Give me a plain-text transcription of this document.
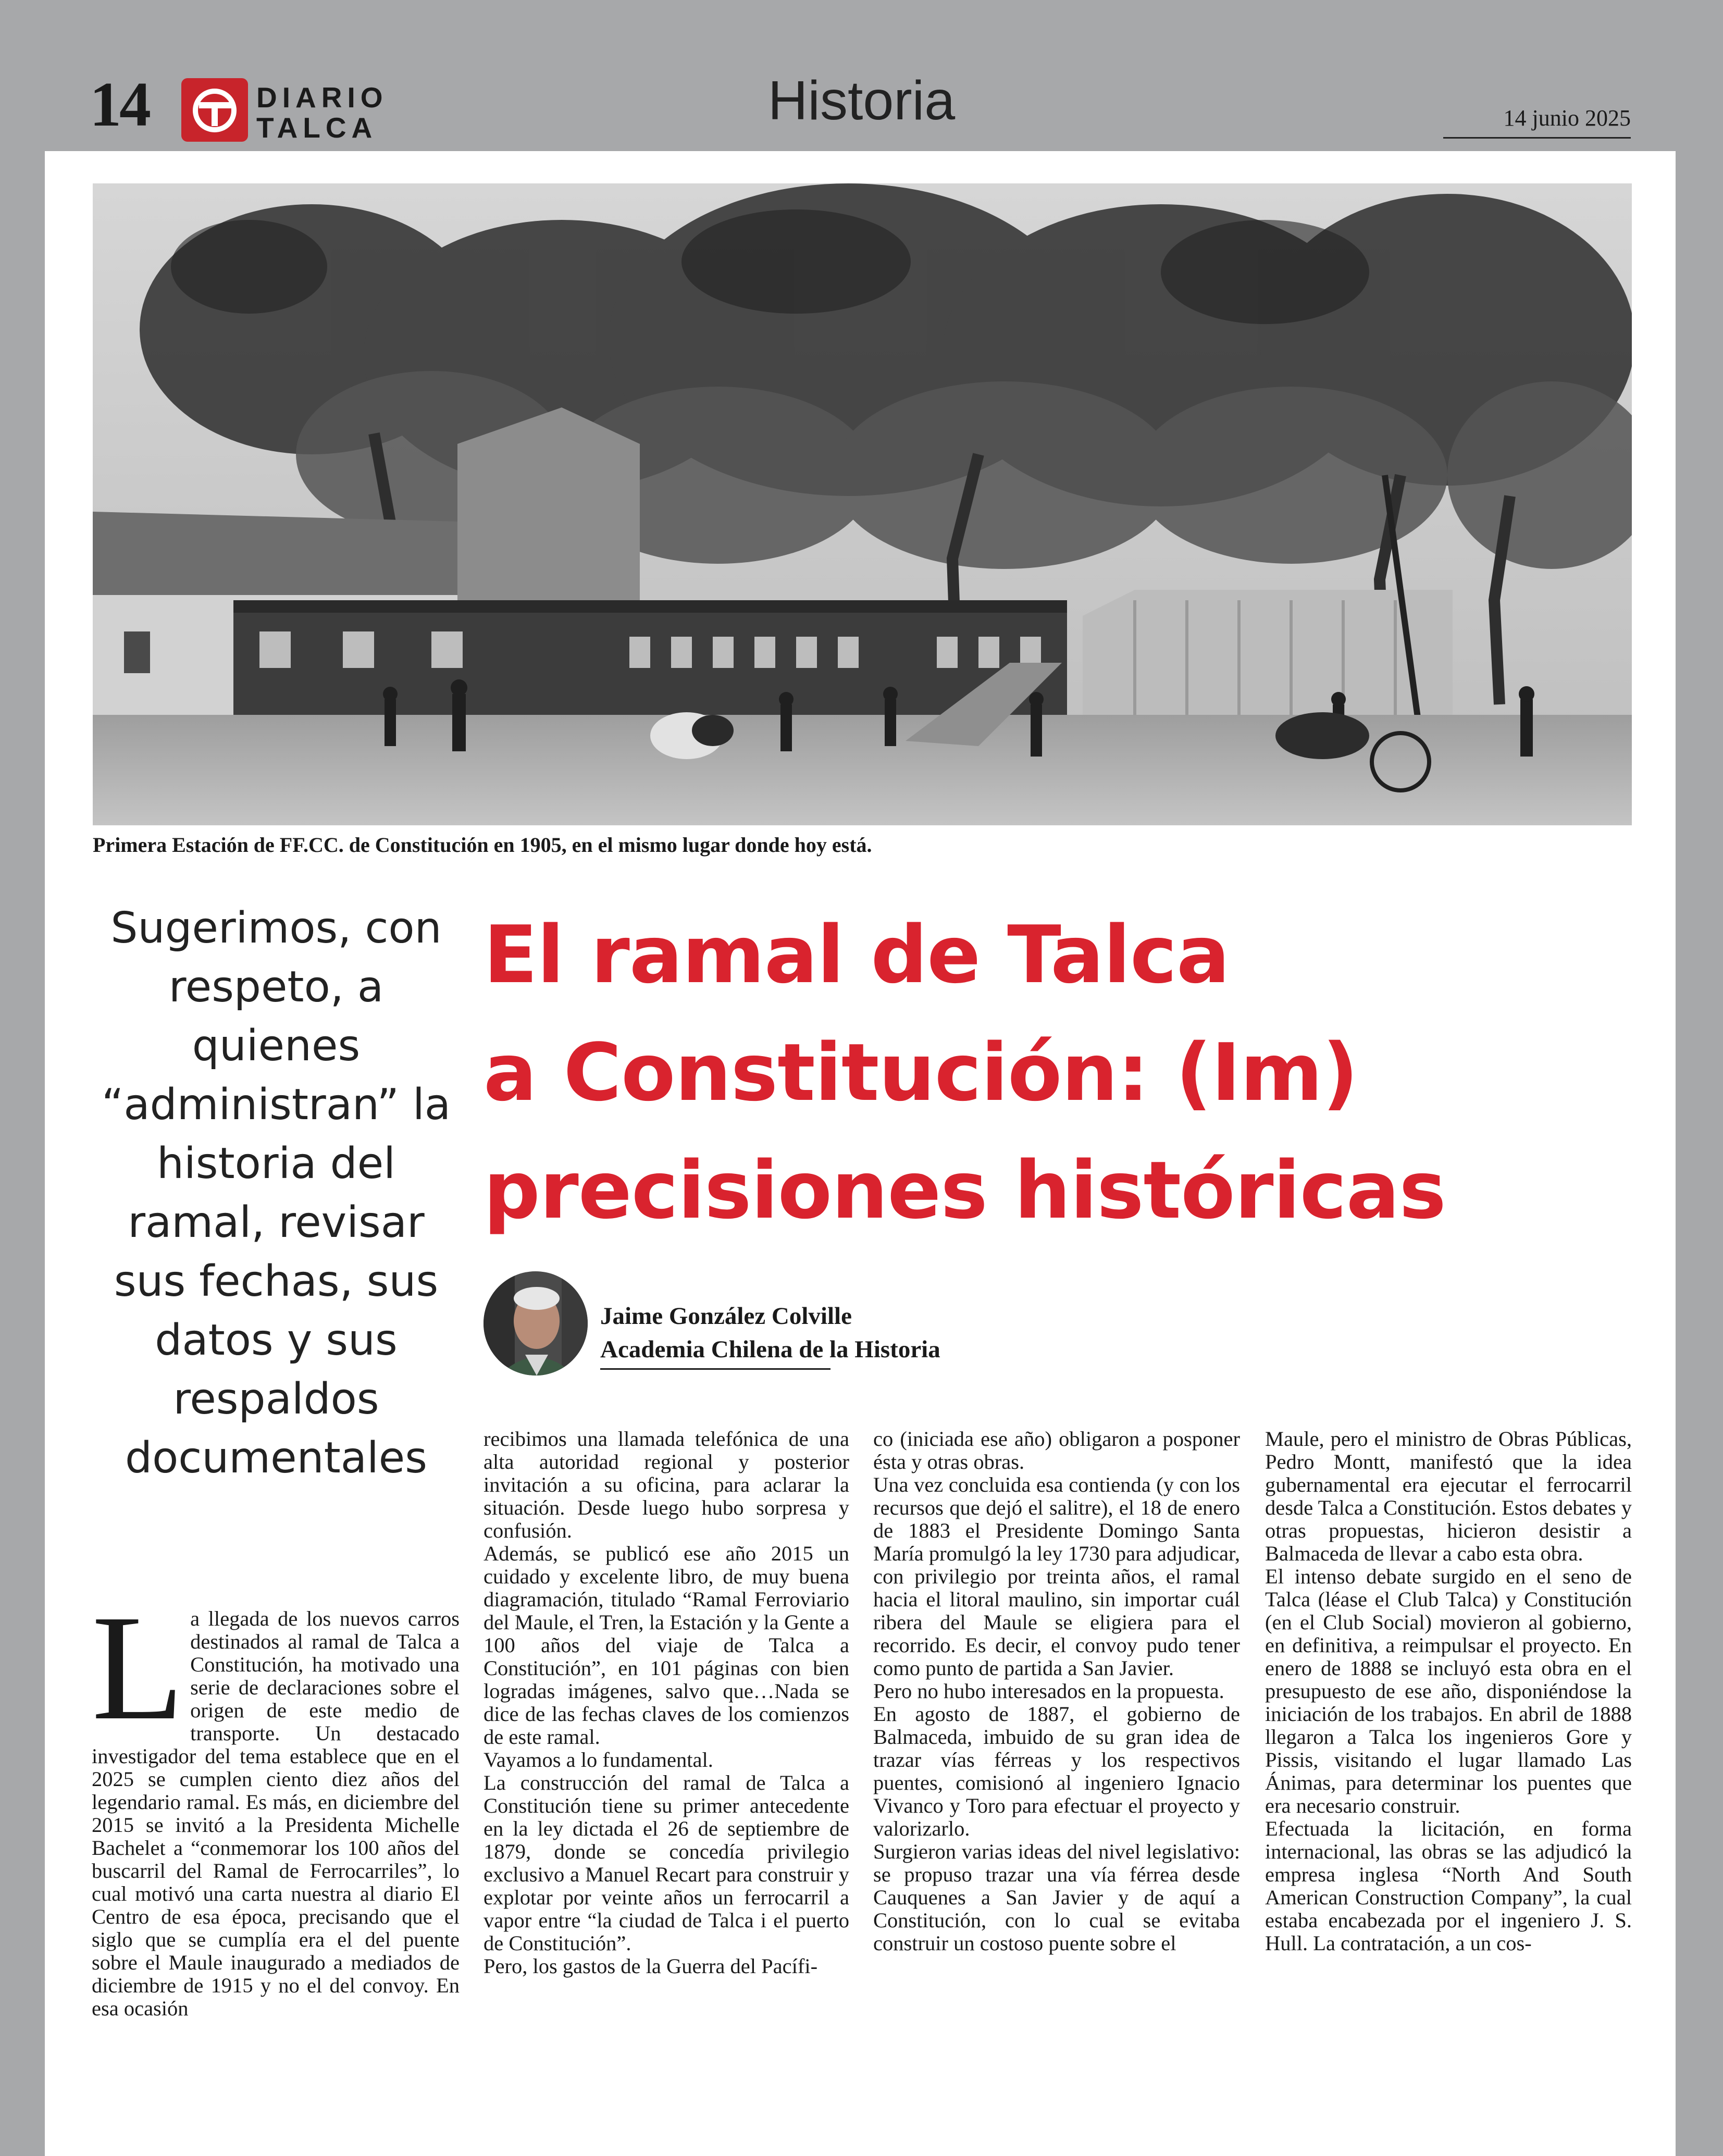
14	DIARIO
TALCA	Historia	14 junio 2025
Primera Estación de FF.CC. de Constitución en 1905, en el mismo lugar donde hoy está.
Sugerimos, con respeto, a quienes “administran” la historia del ramal, revisar sus fechas, sus datos y sus respaldos documentales
El ramal de Talca
a Constitución: (Im)
precisiones históricas
Jaime González Colville
Academia Chilena de la Historia
L a llegada de los nuevos carros destinados al ramal de Talca a Constitución, ha motivado una serie de declaraciones sobre el origen de este medio de transporte. Un destacado investigador del tema establece que en el 2025 se cumplen ciento diez años del legendario ramal. Es más, en diciembre del 2015 se invitó a la Presidenta Michelle Bachelet a “conmemorar los 100 años del buscarril del Ramal de Ferrocarriles”, lo cual motivó una carta nuestra al diario El Centro de esa época, precisando que el siglo que se cumplía era el del puente sobre el Maule inaugurado a mediados de diciembre de 1915 y no el del convoy. En esa ocasión

recibimos una llamada telefónica de una alta autoridad regional y posterior invitación a su oficina, para aclarar la situación. Desde luego hubo sorpresa y confusión.

Además, se publicó ese año 2015 un cuidado y excelente libro, de muy buena diagramación, titulado “Ramal Ferroviario del Maule, el Tren, la Estación y la Gente a 100 años del viaje de Talca a Constitución”, en 101 páginas con bien logradas imágenes, salvo que…Nada se dice de las fechas claves de los comienzos de este ramal.

Vayamos a lo fundamental.

La construcción del ramal de Talca a Constitución tiene su primer antecedente en la ley dictada el 26 de septiembre de 1879, donde se concedía privilegio exclusivo a Manuel Recart para construir y explotar por veinte años un ferrocarril a vapor entre “la ciudad de Talca i el puerto de Constitución”.

Pero, los gastos de la Guerra del Pacífi-

co (iniciada ese año) obligaron a posponer ésta y otras obras.

Una vez concluida esa contienda (y con los recursos que dejó el salitre), el 18 de enero de 1883 el Presidente Domingo Santa María promulgó la ley 1730 para adjudicar, con privilegio por treinta años, el ramal hacia el litoral maulino, sin importar cuál ribera del Maule se eligiera para el recorrido. Es decir, el convoy pudo tener como punto de partida a San Javier.

Pero no hubo interesados en la propuesta.

En agosto de 1887, el gobierno de Balmaceda, imbuido de su gran idea de trazar vías férreas y los respectivos puentes, comisionó al ingeniero Ignacio Vivanco y Toro para efectuar el proyecto y valorizarlo.

Surgieron varias ideas del nivel legislativo: se propuso trazar una vía férrea desde Cauquenes a San Javier y de aquí a Constitución, con lo cual se evitaba construir un costoso puente sobre el

Maule, pero el ministro de Obras Públicas, Pedro Montt, manifestó que la idea gubernamental era ejecutar el ferrocarril desde Talca a Constitución. Estos debates y otras propuestas, hicieron desistir a Balmaceda de llevar a cabo esta obra.

El intenso debate surgido en el seno de Talca (léase el Club Talca) y Constitución (en el Club Social) movieron al gobierno, en definitiva, a reimpulsar el proyecto. En enero de 1888 se incluyó esta obra en el presupuesto de ese año, disponiéndose la iniciación de los trabajos. En abril de 1888 llegaron a Talca los ingenieros Gore y Pissis, visitando el lugar llamado Las Ánimas, para determinar los puentes que era necesario construir.

Efectuada la licitación, en forma internacional, las obras se las adjudicó la empresa inglesa “North And South American Construction Company”, la cual estaba encabezada por el ingeniero J. S. Hull. La contratación, a un cos-
